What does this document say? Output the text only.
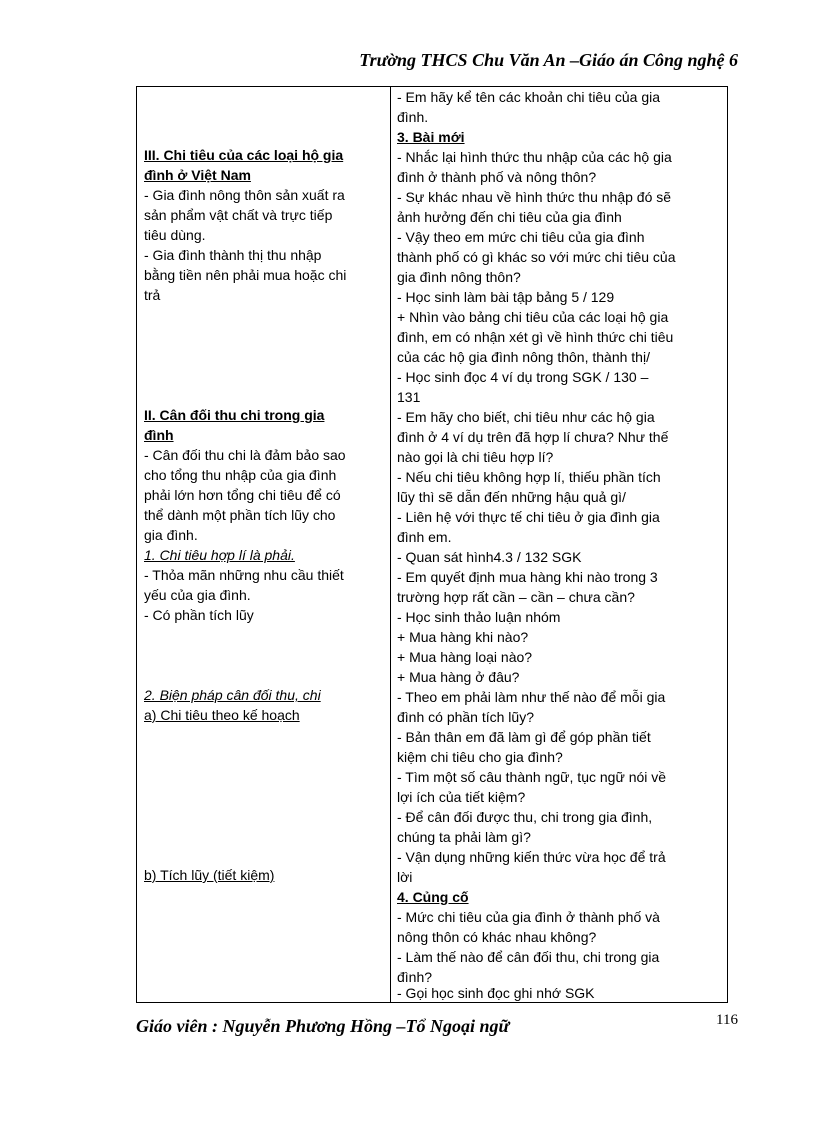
Trường THCS Chu Văn An –Giáo án Công nghệ 6
III. Chi tiêu của các loại hộ gia
đình ở Việt Nam
- Gia đình nông thôn sản xuất ra
sản phẩm vật chất và trực tiếp
tiêu dùng.
- Gia đình thành thị thu nhập
bằng tiền nên phải mua hoặc chi
trả
II. Cân đối thu chi trong gia
đình
- Cân đối thu chi là đảm bảo sao
cho tổng thu nhập của gia đình
phải lớn hơn tổng chi tiêu để có
thể dành một phần tích lũy cho
gia đình.
1. Chi tiêu hợp lí là phải.
- Thỏa mãn những nhu cầu thiết
yếu của gia đình.
- Có phần tích lũy
2. Biện pháp cân đối thu, chi
a) Chi tiêu theo kế hoạch
b) Tích lũy (tiết kiệm)
- Em hãy kể tên các khoản chi tiêu của gia
đình.
3. Bài mới
- Nhắc lại hình thức thu nhập của các hộ gia
đình ở thành phố và nông thôn?
- Sự khác nhau về hình thức thu nhập đó sẽ
ảnh hưởng đến chi tiêu của gia đình
- Vậy theo em mức chi tiêu của gia đình
thành phố có gì khác so với mức chi tiêu của
gia đình nông thôn?
- Học sinh làm bài tập bảng 5 / 129
+ Nhìn vào bảng chi tiêu của các loại hộ gia
đình, em có nhận xét gì về hình thức chi tiêu
của các hộ gia đình nông thôn, thành thị/
- Học sinh đọc 4 ví dụ trong SGK / 130 –
131
- Em hãy cho biết, chi tiêu như các hộ gia
đình ở 4 ví dụ trên đã hợp lí chưa? Như thế
nào gọi là chi tiêu hợp lí?
- Nếu chi tiêu không hợp lí, thiếu phần tích
lũy thì sẽ dẫn đến những hậu quả gì/
- Liên hệ với thực tế chi tiêu ở gia đình gia
đình em.
- Quan sát hình4.3 / 132 SGK
- Em quyết định mua hàng khi nào trong 3
trường hợp rất cần – cần – chưa cần?
- Học sinh thảo luận nhóm
+ Mua hàng khi nào?
+ Mua hàng loại nào?
+ Mua hàng ở đâu?
- Theo em phải làm như thế nào để mỗi gia
đình có phần tích lũy?
- Bản thân em đã làm gì để góp phần tiết
kiệm chi tiêu cho gia đình?
- Tìm một số câu thành ngữ, tục ngữ nói về
lợi ích của tiết kiệm?
- Để cân đối được thu, chi trong gia đình,
chúng ta phải làm gì?
- Vận dụng những kiến thức vừa học để trả
lời
4. Củng cố
- Mức chi tiêu của gia đình ở thành phố và
nông thôn có khác nhau không?
- Làm thế nào để cân đối thu, chi trong gia
đình?
- Gọi học sinh đọc ghi nhớ SGK
Giáo viên : Nguyễn Phương Hồng –Tổ Ngoại ngữ	116
